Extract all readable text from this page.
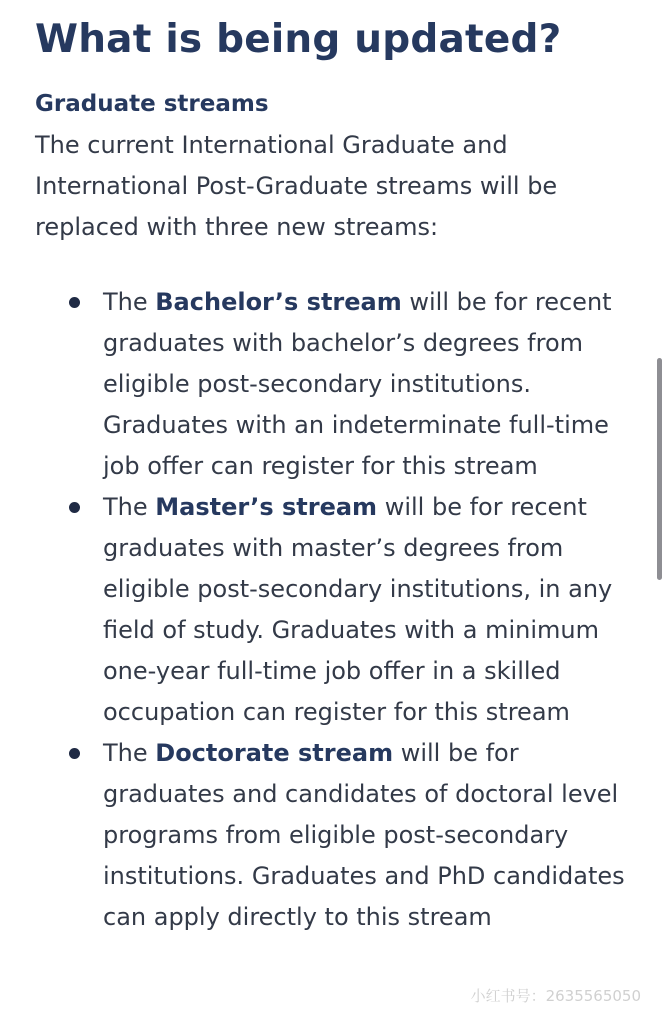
What is being updated?
Graduate streams

The current International Graduate and International Post-Graduate streams will be replaced with three new streams:

The Bachelor’s stream will be for recent graduates with bachelor’s degrees from eligible post-secondary institutions. Graduates with an indeterminate full-time job offer can register for this stream
The Master’s stream will be for recent graduates with master’s degrees from eligible post-secondary institutions, in any field of study. Graduates with a minimum one-year full-time job offer in a skilled occupation can register for this stream
The Doctorate stream will be for graduates and candidates of doctoral level programs from eligible post-secondary institutions. Graduates and PhD candidates can apply directly to this stream
小红书号：2635565050
